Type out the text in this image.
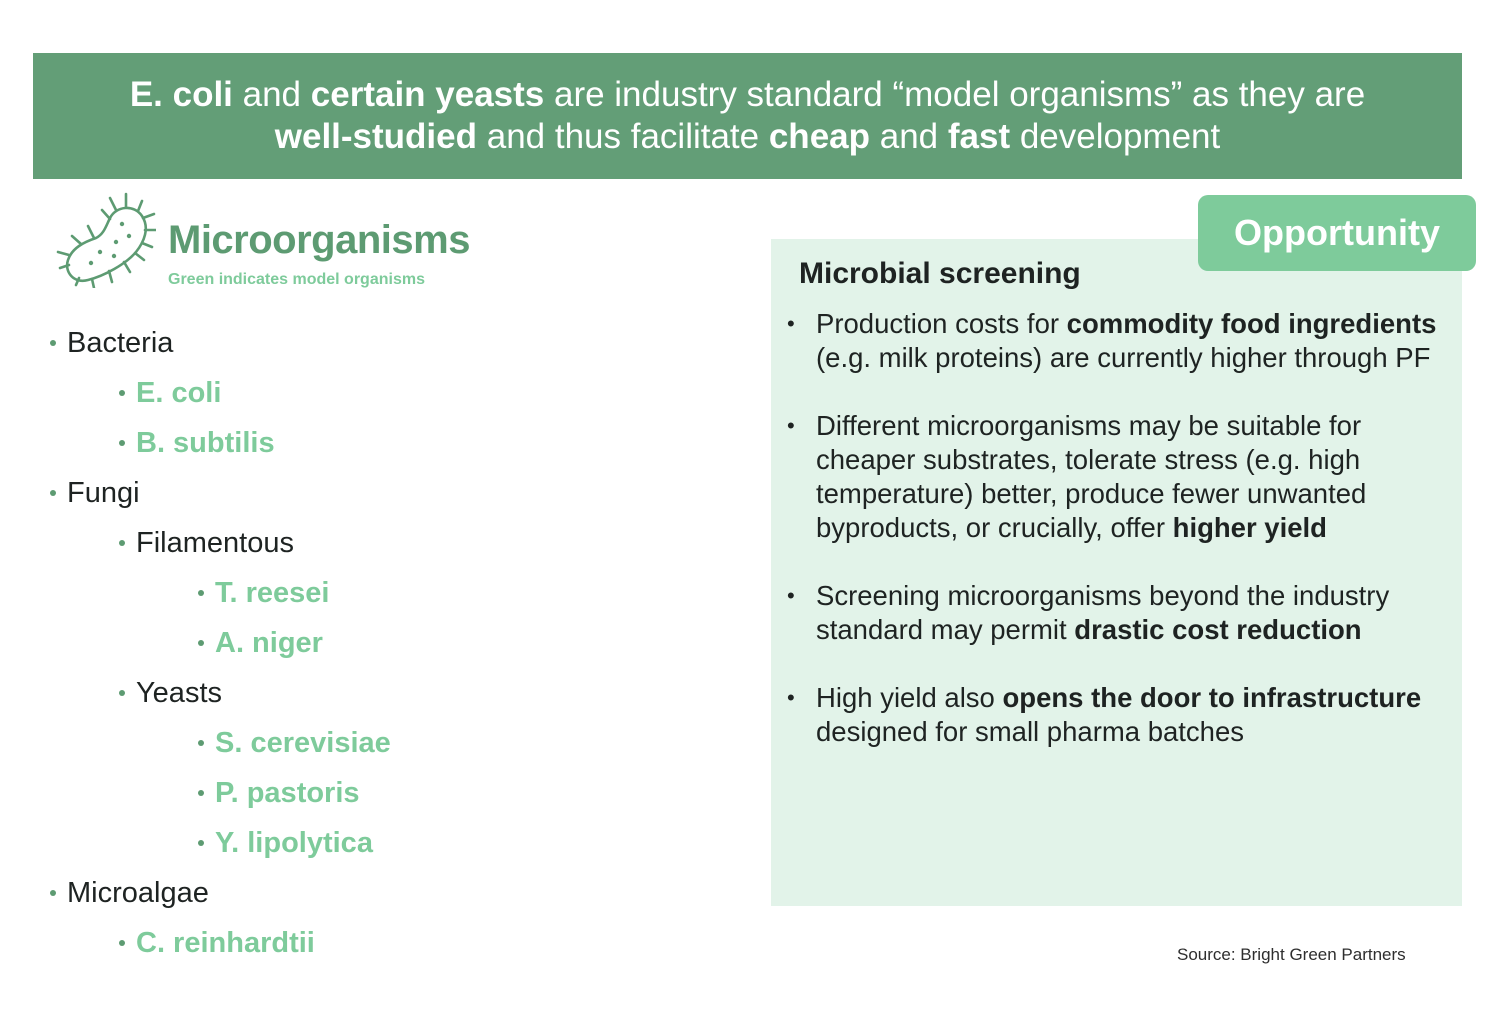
E. coli and certain yeasts are industry standard “model organisms” as they are
well-studied and thus facilitate cheap and fast development
Microorganisms
Green indicates model organisms
Bacteria
E. coli
B. subtilis
Fungi
Filamentous
T. reesei
A. niger
Yeasts
S. cerevisiae
P. pastoris
Y. lipolytica
Microalgae
C. reinhardtii
Opportunity
Microbial screening
• Production costs for commodity food ingredients (e.g. milk proteins) are currently higher through PF
• Different microorganisms may be suitable for cheaper substrates, tolerate stress (e.g. high temperature) better, produce fewer unwanted byproducts, or crucially, offer higher yield
• Screening microorganisms beyond the industry standard may permit drastic cost reduction
• High yield also opens the door to infrastructure designed for small pharma batches
Source: Bright Green Partners
